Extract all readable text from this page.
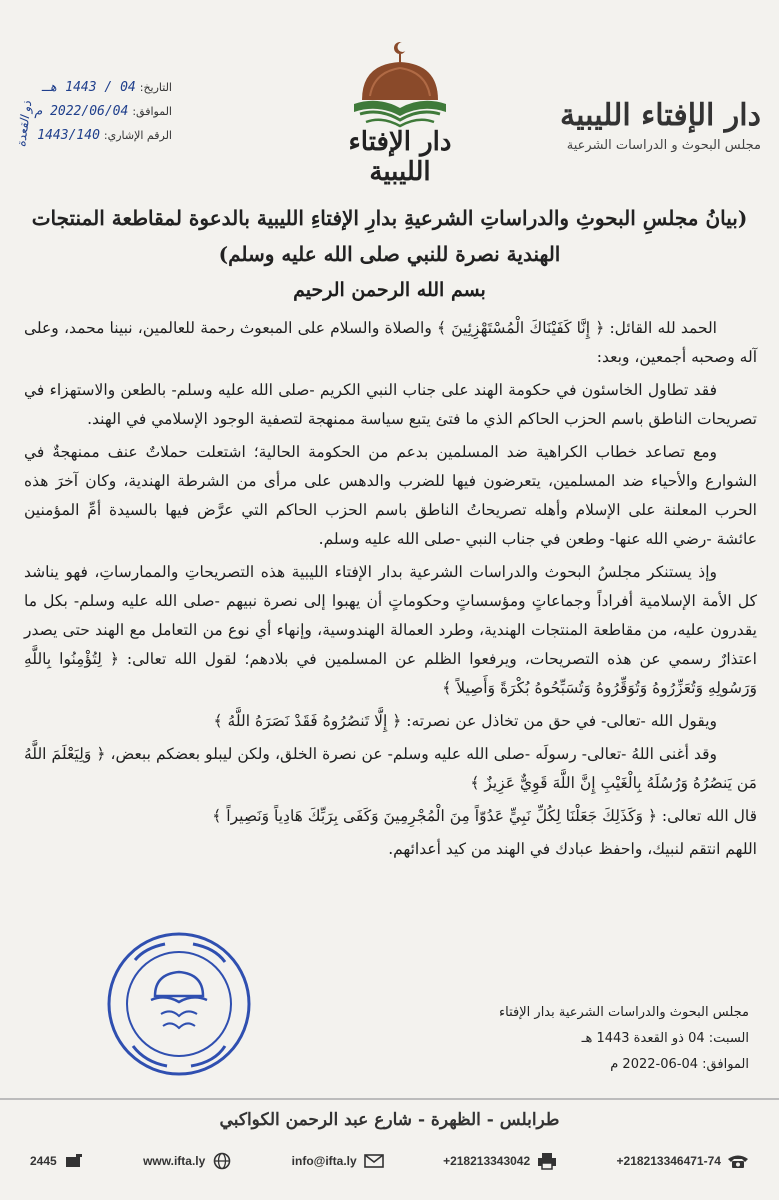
ذو القعدة
التاريخ:
04 / 1443 هـ
الموافق:
2022/06/04 م
الرقم الإشاري:
1443/140	دار الإفتاء الليبية
دار الإفتاء الليبية
مجلس البحوث و الدراسات الشرعية
(بيانُ مجلسِ البحوثِ والدراساتِ الشرعيةِ بدارِ الإفتاءِ الليبية بالدعوة لمقاطعة المنتجات الهندية نصرة للنبي صلى الله عليه وسلم)
بسم الله الرحمن الرحيم

الحمد لله القائل: ﴿ إِنَّا كَفَيْنَاكَ الْمُسْتَهْزِئِينَ ﴾ والصلاة والسلام على المبعوث رحمة للعالمين، نبينا محمد، وعلى آله وصحبه أجمعين، وبعد:

فقد تطاول الخاسئون في حكومة الهند على جناب النبي الكريم -صلى الله عليه وسلم- بالطعن والاستهزاء في تصريحات الناطق باسم الحزب الحاكم الذي ما فتئ يتبع سياسة ممنهجة لتصفية الوجود الإسلامي في الهند.

ومع تصاعد خطاب الكراهية ضد المسلمين بدعم من الحكومة الحالية؛ اشتعلت حملاتٌ عنف ممنهجةٌ في الشوارع والأحياء ضد المسلمين، يتعرضون فيها للضرب والدهس على مرأى من الشرطة الهندية، وكان آخرَ هذه الحرب المعلنة على الإسلام وأهله تصريحاتُ الناطق باسم الحزب الحاكم التي عرَّض فيها بالسيدة أمِّ المؤمنين عائشة -رضي الله عنها- وطعن في جناب النبي -صلى الله عليه وسلم.

وإذ يستنكر مجلسُ البحوث والدراسات الشرعية بدار الإفتاء الليبية هذه التصريحاتِ والممارساتِ، فهو يناشد كل الأمة الإسلامية أفراداً وجماعاتٍ ومؤسساتٍ وحكوماتٍ أن يهبوا إلى نصرة نبيهم -صلى الله عليه وسلم- بكل ما يقدرون عليه، من مقاطعة المنتجات الهندية، وطرد العمالة الهندوسية، وإنهاء أي نوع من التعامل مع الهند حتى يصدر اعتذارٌ رسمي عن هذه التصريحات، ويرفعوا الظلم عن المسلمين في بلادهم؛ لقول الله تعالى: ﴿ لِتُؤْمِنُوا بِاللَّهِ وَرَسُولِهِ وَتُعَزِّرُوهُ وَتُوَقِّرُوهُ وَتُسَبِّحُوهُ بُكْرَةً وَأَصِيلاً ﴾

ويقول الله -تعالى- في حق من تخاذل عن نصرته: ﴿ إِلَّا تَنصُرُوهُ فَقَدْ نَصَرَهُ اللَّهُ ﴾

وقد أغنى اللهُ -تعالى- رسولَه -صلى الله عليه وسلم- عن نصرة الخلق، ولكن ليبلو بعضكم ببعض، ﴿ وَلِيَعْلَمَ اللَّهُ مَن يَنصُرُهُ وَرُسُلَهُ بِالْغَيْبِ إِنَّ اللَّهَ قَوِيٌّ عَزِيزٌ ﴾

قال الله تعالى: ﴿ وَكَذَلِكَ جَعَلْنَا لِكُلِّ نَبِيٍّ عَدُوّاً مِنَ الْمُجْرِمِينَ وَكَفَى بِرَبِّكَ هَادِياً وَنَصِيراً ﴾

اللهم انتقم لنبيك، واحفظ عبادك في الهند من كيد أعدائهم.

مجلس البحوث والدراسات الشرعية بدار الإفتاء
السبت: 04 ذو القعدة 1443 هـ
الموافق: 04-06-2022 م
طرابلس - الظهرة - شارع عبد الرحمن الكواكبي
2445	www.ifta.ly	info@ifta.ly	+218213343042	+218213346471-74
